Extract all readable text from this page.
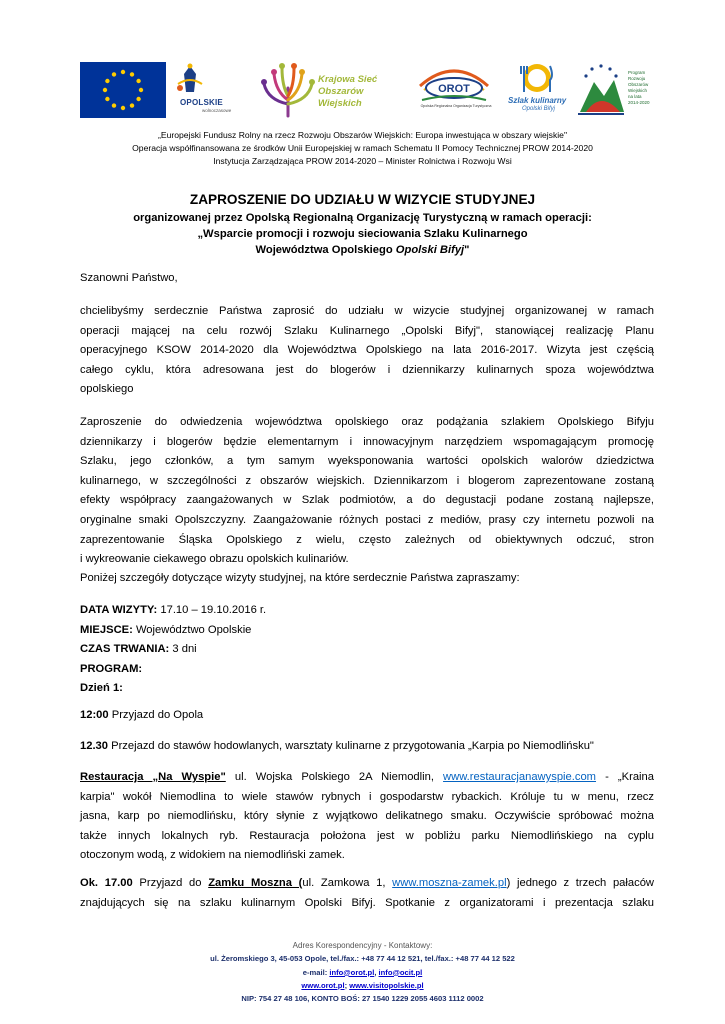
OPOLSKIE
wolnoczasowe
Krajowa Sieć
Obszarów Wiejskich
OROT
Opolska Regionalna Organizacja Turystyczna
Szlak kulinarny
Opolski Bifyj
Program
Rozwoju
Obszarów
Wiejskich
na lata 2014-2020
„Europejski Fundusz Rolny na rzecz Rozwoju Obszarów Wiejskich: Europa inwestująca w obszary wiejskie"
Operacja współfinansowana ze środków Unii Europejskiej w ramach Schematu II Pomocy Technicznej PROW 2014-2020
Instytucja Zarządzająca PROW 2014-2020 – Minister Rolnictwa i Rozwoju Wsi
ZAPROSZENIE DO UDZIAŁU W WIZYCIE STUDYJNEJ
organizowanej przez Opolską Regionalną Organizację Turystyczną w ramach operacji:
„Wsparcie promocji i rozwoju sieciowania Szlaku Kulinarnego
Województwa Opolskiego Opolski Bifyj"

Szanowni Państwo,

chcielibyśmy serdecznie Państwa zaprosić do udziału w wizycie studyjnej organizowanej w ramach

operacji mającej na celu rozwój Szlaku Kulinarnego „Opolski Bifyj", stanowiącej realizację Planu

operacyjnego KSOW 2014-2020 dla Województwa Opolskiego na lata 2016-2017. Wizyta jest częścią

całego cyklu, która adresowana jest do blogerów i dziennikarzy kulinarnych spoza województwa

opolskiego

Zaproszenie do odwiedzenia województwa opolskiego oraz podążania szlakiem Opolskiego Bifyju

dziennikarzy i blogerów będzie elementarnym i innowacyjnym narzędziem wspomagającym promocję

Szlaku, jego członków, a tym samym wyeksponowania wartości opolskich walorów dziedzictwa

kulinarnego, w szczególności z obszarów wiejskich. Dziennikarzom i blogerom zaprezentowane zostaną

efekty współpracy zaangażowanych w Szlak podmiotów, a do degustacji podane zostaną najlepsze,

oryginalne smaki Opolszczyzny. Zaangażowanie różnych postaci z mediów, prasy czy internetu pozwoli na

zaprezentowanie Śląska Opolskiego z wielu, często zależnych od obiektywnych odczuć, stron

i wykreowanie ciekawego obrazu opolskich kulinariów.

Poniżej szczegóły dotyczące wizyty studyjnej, na które serdecznie Państwa zapraszamy:

DATA WIZYTY: 17.10 – 19.10.2016 r.

MIEJSCE: Województwo Opolskie

CZAS TRWANIA: 3 dni

PROGRAM:

Dzień 1:

12:00 Przyjazd do Opola

12.30 Przejazd do stawów hodowlanych, warsztaty kulinarne z przygotowania „Karpia po Niemodlińsku"

Restauracja „Na Wyspie" ul. Wojska Polskiego 2A Niemodlin, www.restauracjanawyspie.com - „Kraina

karpia" wokół Niemodlina to wiele stawów rybnych i gospodarstw rybackich. Króluje tu w menu, rzecz

jasna, karp po niemodlińsku, który słynie z wyjątkowo delikatnego smaku. Oczywiście spróbować można

także innych lokalnych ryb. Restauracja położona jest w pobliżu parku Niemodlińskiego na cyplu

otoczonym wodą, z widokiem na niemodliński zamek.

Ok. 17.00 Przyjazd do Zamku Moszna (ul. Zamkowa 1, www.moszna-zamek.pl) jednego z trzech pałaców

znajdujących się na szlaku kulinarnym Opolski Bifyj. Spotkanie z organizatorami i prezentacja szlaku

Adres Korespondencyjny - Kontaktowy:
ul. Żeromskiego 3, 45-053 Opole, tel./fax.: +48 77 44 12 521, tel./fax.: +48 77 44 12 522
e-mail: info@orot.pl, info@ocit.pl
www.orot.pl; www.visitopolskie.pl
NIP: 754 27 48 106, KONTO BOŚ: 27 1540 1229 2055 4603 1112 0002
